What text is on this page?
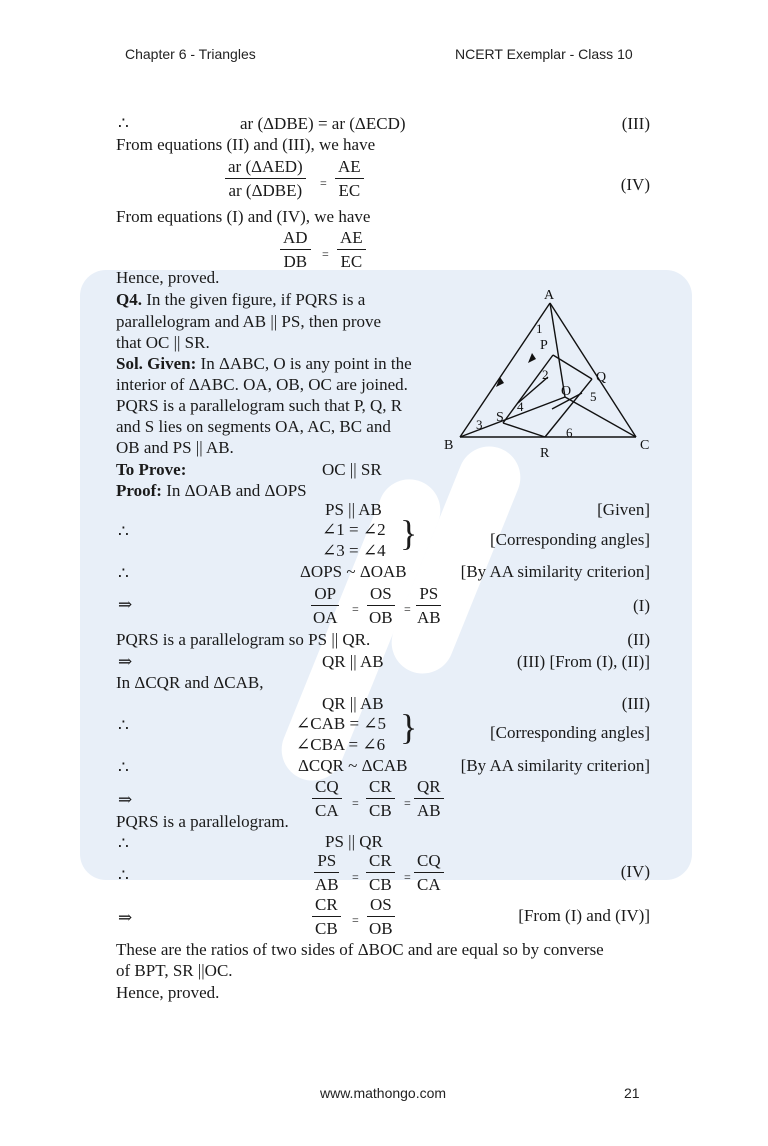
Chapter 6 - Triangles	NCERT Exemplar - Class 10
∴	ar (ΔDBE) = ar (ΔECD)	(III)
From equations (II) and (III), we have
ar (ΔAED)
ar $(\Delta DBE) = \frac{AE}{EC}$	(IV)
From equations (I) and (IV), we have
$\frac{AD}{DB} = \frac{AE}{EC}$
Hence, proved.
Q4. In the given figure, if PQRS is a
parallelogram and AB || PS, then prove
that OC || SR.
Sol. Given: In ΔABC, O is any point in the
interior of ΔABC. OA, OB, OC are joined.
PQRS is a parallelogram such that P, Q, R
and S lies on segments OA, AC, BC and
OB and PS || AB.
To Prove:	OC || SR
Proof: In ΔOAB and ΔOPS
A
B	C
P
Q
R
S
O
1
2
3
4
5
6
PS || AB	[Given]
∴	∠1 = ∠2
∠3 = ∠4 }	[Corresponding angles]
∴	ΔOPS ~ ΔOAB	[By AA similarity criterion]
⇒	$\frac{OP}{OA} = \frac{OS}{OB} = \frac{PS}{AB}$	(I)
PQRS is a parallelogram so PS || QR.	(II)
⇒	QR || AB	(III) [From (I), (II)]
In ΔCQR and ΔCAB,
QR || AB	(III)
∴	∠CAB = ∠5
∠CBA = ∠6 }	[Corresponding angles]
∴	ΔCQR ~ ΔCAB	[By AA similarity criterion]
⇒	$\frac{CQ}{CA} = \frac{CR}{CB} = \frac{QR}{AB}$
PQRS is a parallelogram.
∴	PS || QR
∴	$\frac{PS}{AB} = \frac{CR}{CB} = \frac{CQ}{CA}$	(IV)
⇒	$\frac{CR}{CB} = \frac{OS}{OB}$	[From (I) and (IV)]
These are the ratios of two sides of ΔBOC and are equal so by converse
of BPT, SR ||OC.
Hence, proved.
www.mathongo.com	21
